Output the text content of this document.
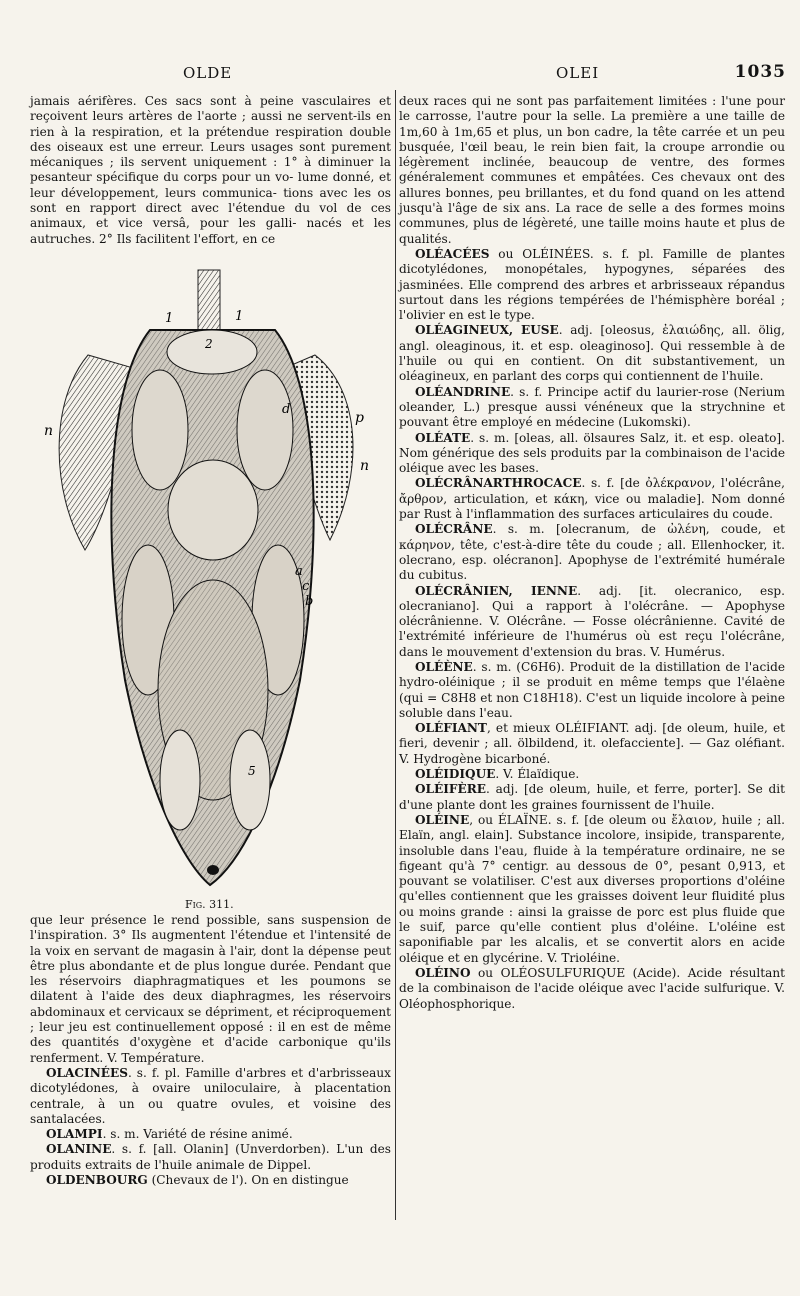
OLDE	OLEI	1035

jamais aérifères. Ces sacs sont à peine vasculaires et reçoivent leurs artères de l'aorte ; aussi ne servent-ils en rien à la respiration, et la prétendue respiration double des oiseaux est une erreur. Leurs usages sont purement mécaniques ; ils servent uniquement : 1° à diminuer la pesanteur spécifique du corps pour un vo- lume donné, et leur développement, leurs communica- tions avec les os sont en rapport direct avec l'étendue du vol de ces animaux, et vice versâ, pour les galli- nacés et les autruches. 2° Ils facilitent l'effort, en ce

1	1
2
d
p
n
n
a
c
b
5
Fig. 311.

que leur présence le rend possible, sans suspension de l'inspiration. 3° Ils augmentent l'étendue et l'intensité de la voix en servant de magasin à l'air, dont la dépense peut être plus abondante et de plus longue durée. Pendant que les réservoirs diaphragmatiques et les poumons se dilatent à l'aide des deux diaphragmes, les réservoirs abdominaux et cervicaux se dépriment, et réciproquement ; leur jeu est continuellement opposé : il en est de même des quantités d'oxygène et d'acide carbonique qu'ils renferment. V. Température.

OLACINÉES. s. f. pl. Famille d'arbres et d'arbrisseaux dicotylédones, à ovaire uniloculaire, à placentation centrale, à un ou quatre ovules, et voisine des santalacées.

OLAMPI. s. m. Variété de résine animé.

OLANINE. s. f. [all. Olanin] (Unverdorben). L'un des produits extraits de l'huile animale de Dippel.

OLDENBOURG (Chevaux de l'). On en distingue

deux races qui ne sont pas parfaitement limitées : l'une pour le carrosse, l'autre pour la selle. La première a une taille de 1m,60 à 1m,65 et plus, un bon cadre, la tête carrée et un peu busquée, l'œil beau, le rein bien fait, la croupe arrondie ou légèrement inclinée, beaucoup de ventre, des formes généralement communes et empâtées. Ces chevaux ont des allures bonnes, peu brillantes, et du fond quand on les attend jusqu'à l'âge de six ans. La race de selle a des formes moins communes, plus de légèreté, une taille moins haute et plus de qualités.

OLÉACÉES ou OLÉINÉES. s. f. pl. Famille de plantes dicotylédones, monopétales, hypogynes, séparées des jasminées. Elle comprend des arbres et arbrisseaux répandus surtout dans les régions tempérées de l'hémisphère boréal ; l'olivier en est le type.

OLÉAGINEUX, EUSE. adj. [oleosus, ἐλαιώδης, all. ölig, angl. oleaginous, it. et esp. oleaginoso]. Qui ressemble à de l'huile ou qui en contient. On dit substantivement, un oléagineux, en parlant des corps qui contiennent de l'huile.

OLÉANDRINE. s. f. Principe actif du laurier-rose (Nerium oleander, L.) presque aussi vénéneux que la strychnine et pouvant être employé en médecine (Lukomski).

OLÉATE. s. m. [oleas, all. ölsaures Salz, it. et esp. oleato]. Nom générique des sels produits par la combinaison de l'acide oléique avec les bases.

OLÉCRÂNARTHROCACE. s. f. [de ὀλέκρανον, l'olécrâne, ἄρθρον, articulation, et κάκη, vice ou maladie]. Nom donné par Rust à l'inflammation des surfaces articulaires du coude.

OLÉCRÂNE. s. m. [olecranum, de ὠλένη, coude, et κάρηνον, tête, c'est-à-dire tête du coude ; all. Ellenhocker, it. olecrano, esp. olécranon]. Apophyse de l'extrémité humérale du cubitus.

OLÉCRÂNIEN, IENNE. adj. [it. olecranico, esp. olecraniano]. Qui a rapport à l'olécrâne. — Apophyse olécrânienne. V. Olécrâne. — Fosse olécrânienne. Cavité de l'extrémité inférieure de l'humérus où est reçu l'olécrâne, dans le mouvement d'extension du bras. V. Humérus.

OLÉÈNE. s. m. (C6H6). Produit de la distillation de l'acide hydro-oléinique ; il se produit en même temps que l'élaène (qui = C8H8 et non C18H18). C'est un liquide incolore à peine soluble dans l'eau.

OLÉFIANT, et mieux OLÉIFIANT. adj. [de oleum, huile, et fieri, devenir ; all. ölbildend, it. olefacciente]. — Gaz oléfiant. V. Hydrogène bicarboné.

OLÉIDIQUE. V. Élaïdique.

OLÉIFÈRE. adj. [de oleum, huile, et ferre, porter]. Se dit d'une plante dont les graines fournissent de l'huile.

OLÉINE, ou ÉLAÏNE. s. f. [de oleum ou ἔλαιον, huile ; all. Elaïn, angl. elain]. Substance incolore, insipide, transparente, insoluble dans l'eau, fluide à la température ordinaire, ne se figeant qu'à 7° centigr. au dessous de 0°, pesant 0,913, et pouvant se volatiliser. C'est aux diverses proportions d'oléine qu'elles contiennent que les graisses doivent leur fluidité plus ou moins grande : ainsi la graisse de porc est plus fluide que le suif, parce qu'elle contient plus d'oléine. L'oléine est saponifiable par les alcalis, et se convertit alors en acide oléique et en glycérine. V. Trioléine.

OLÉINO ou OLÉOSULFURIQUE (Acide). Acide résultant de la combinaison de l'acide oléique avec l'acide sulfurique. V. Oléophosphorique.
